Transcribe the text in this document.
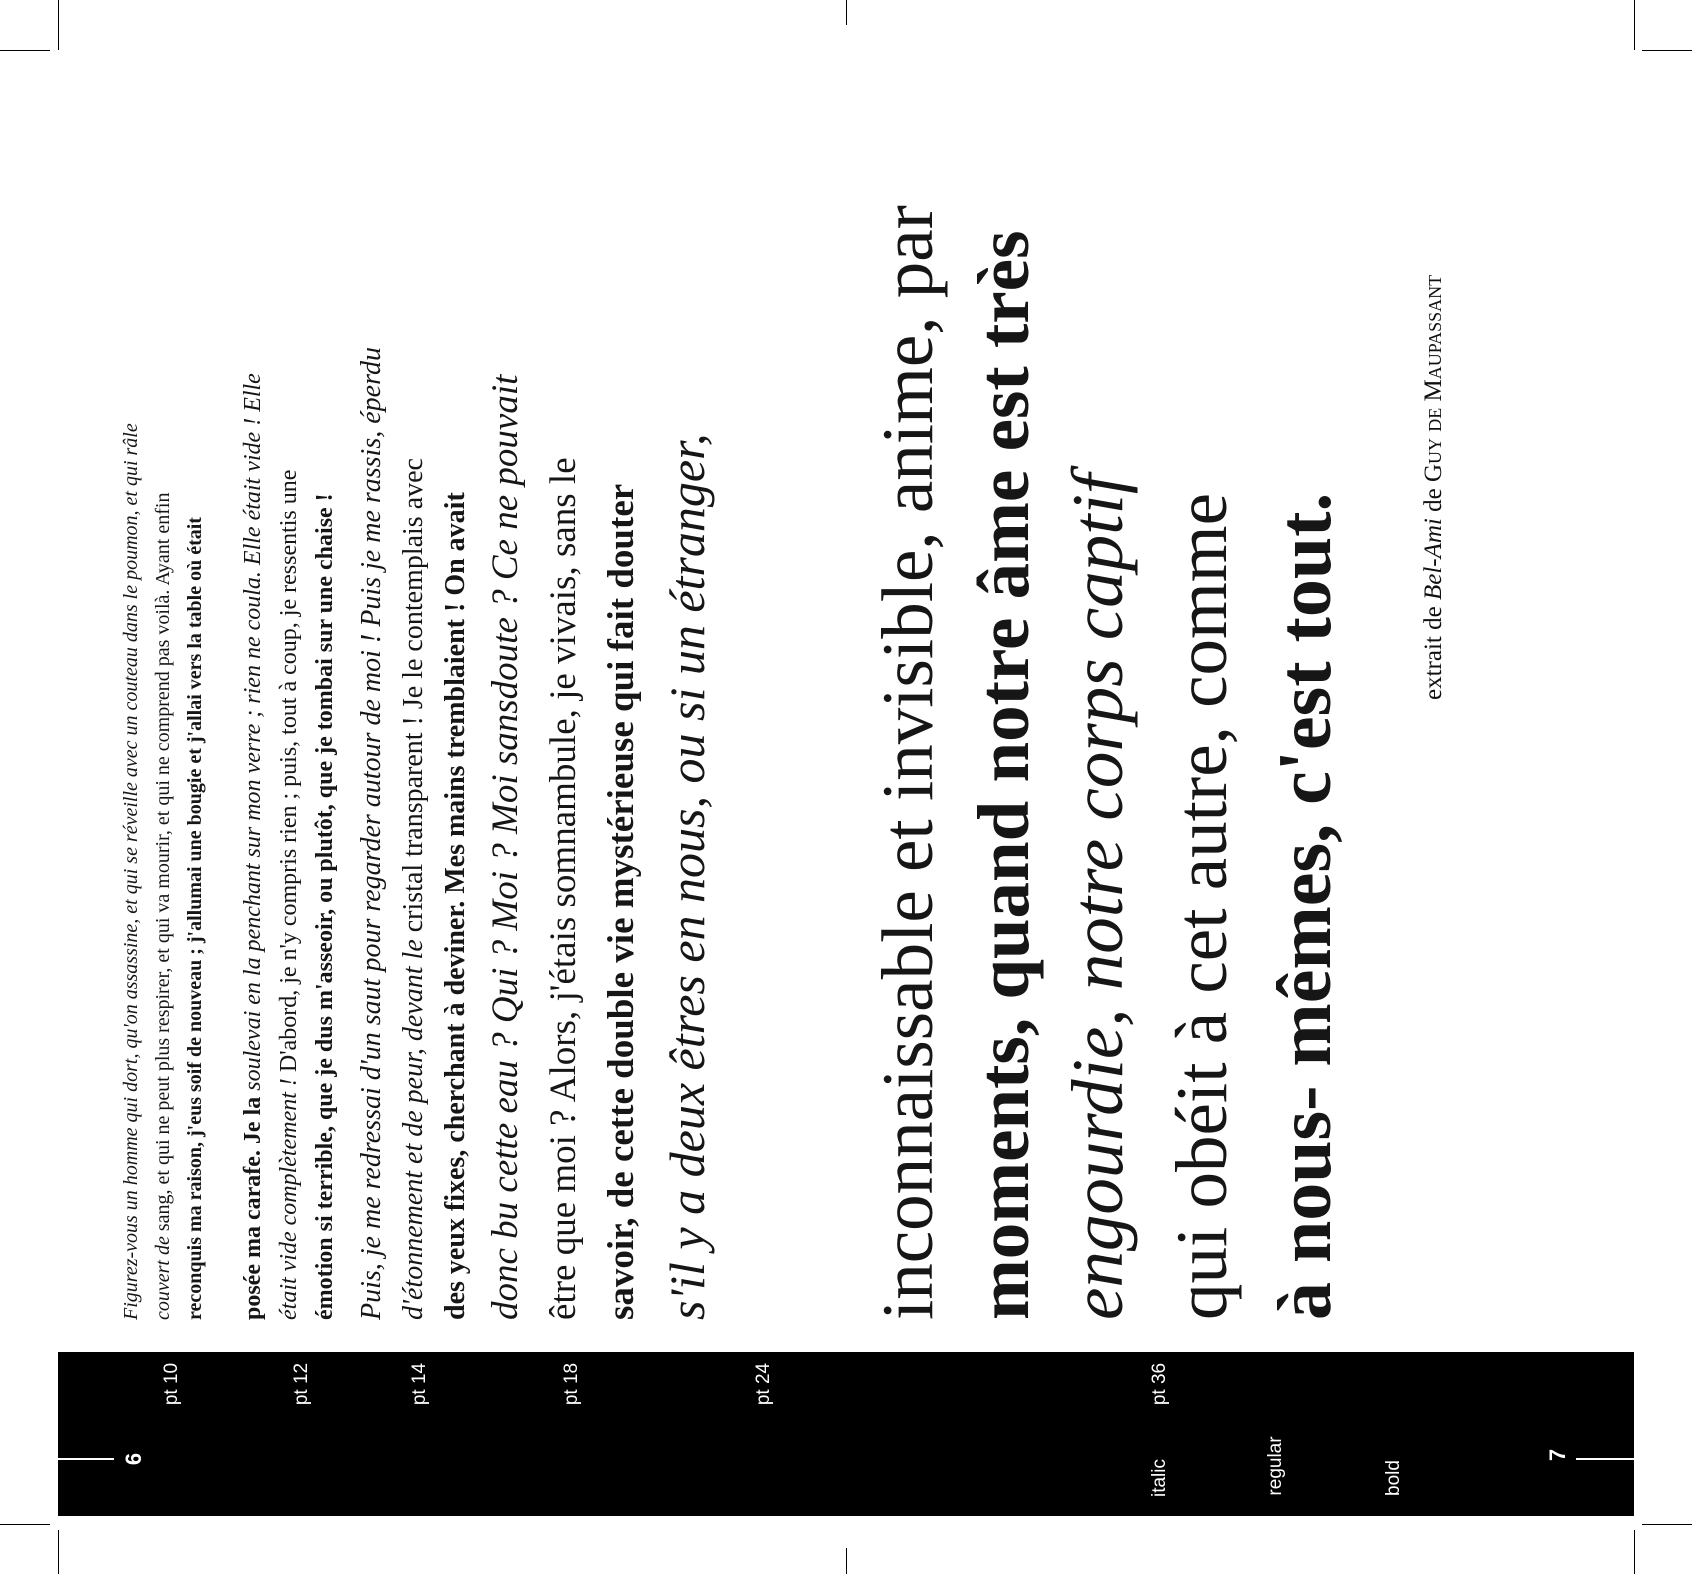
6
pt 10	pt 12	pt 14	pt 18	pt 24	pt 36
italic	regular	bold
7
Figurez-vous un homme qui dort, qu'on assassine, et qui se réveille avec un couteau dans le poumon, et qui râle couvert de sang, et qui ne peut plus respirer, et qui va mourir, et qui ne comprend pas voilà. Ayant enfin reconquis ma raison, j'eus soif de nouveau ; j'allumai une bougie et j'allai vers la table où était posée ma carafe. Je la soulevai en la penchant sur mon verre ; rien ne coula. Elle était vide ! Elle
était vide complètement ! D'abord, je n'y compris rien ; puis, tout à coup, je ressentis une émotion si terrible, que je dus m'asseoir, ou plutôt, que je tombai sur une chaise ! Puis, je me redressai d'un saut pour regarder autour de moi ! Puis je me rassis, éperdu d'étonnement et de peur, devant le cristal transparent ! Je le contemplais avec
des yeux fixes, cherchant à deviner. Mes mains tremblaient ! On avait donc bu cette eau ? Qui ? Moi ? Moi sansdoute ? Ce ne pouvait être que moi ? Alors, j'étais somnambule, je vivais, sans le savoir, de cette double vie mystérieuse qui fait douter s'il y a deux êtres en nous, ou si un étranger, inconnaissable et invisible, anime, par moments, quand notre âme est très engourdie, notre corps captif qui obéit à cet autre, comme à nous- mêmes, c'est tout.	extrait de Bel-Ami de Guy de Maupassant
